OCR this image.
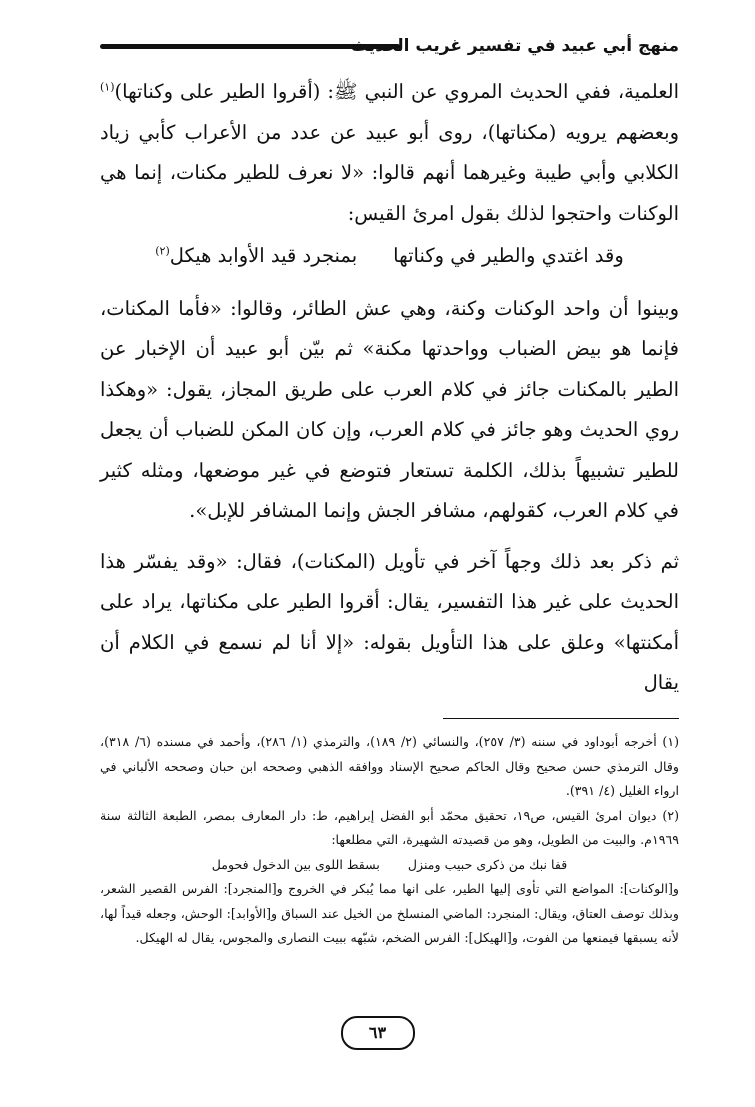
منهج أبي عبيد في تفسير غريب الحديث

العلمية، ففي الحديث المروي عن النبي ﷺ: (أقروا الطير على وكناتها)$^{(١)}$ وبعضهم يرويه (مكناتها)، روى أبو عبيد عن عدد من الأعراب كأبي زياد الكلابي وأبي طيبة وغيرهما أنهم قالوا: «لا نعرف للطير مكنات، إنما هي الوكنات واحتجوا لذلك بقول امرئ القيس:

وقد اغتدي والطير في وكناتهابمنجرد قيد الأوابد هيكل$^{(٢)}$

وبينوا أن واحد الوكنات وكنة، وهي عش الطائر، وقالوا: «فأما المكنات، فإنما هو بيض الضباب وواحدتها مكنة» ثم بيّن أبو عبيد أن الإخبار عن الطير بالمكنات جائز في كلام العرب على طريق المجاز، يقول: «وهكذا روي الحديث وهو جائز في كلام العرب، وإن كان المكن للضباب أن يجعل للطير تشبيهاً بذلك، الكلمة تستعار فتوضع في غير موضعها، ومثله كثير في كلام العرب، كقولهم، مشافر الجش وإنما المشافر للإبل».

ثم ذكر بعد ذلك وجهاً آخر في تأويل (المكنات)، فقال: «وقد يفسّر هذا الحديث على غير هذا التفسير، يقال: أقروا الطير على مكناتها، يراد على أمكنتها» وعلق على هذا التأويل بقوله: «إلا أنا لم نسمع في الكلام أن يقال

(١) أخرجه أبوداود في سننه (٣/ ٢٥٧)، والنسائي (٢/ ١٨٩)، والترمذي (١/ ٢٨٦)، وأحمد في مسنده (٦/ ٣١٨)، وقال الترمذي حسن صحيح وقال الحاكم صحيح الإسناد ووافقه الذهبي وصححه ابن حبان وصححه الألباني في ارواء الغليل (٤/ ٣٩١).

(٢) ديوان امرئ القيس، ص١٩، تحقيق محمّد أبو الفضل إبراهيم، ط: دار المعارف بمصر، الطبعة الثالثة سنة ١٩٦٩م. والبيت من الطويل، وهو من قصيدته الشهيرة، التي مطلعها:

قفا نبك من ذكرى حبيب ومنزلبسقط اللوى بين الدخول فحومل

و[الوكنات]: المواضع التي تأوى إليها الطير، على انها مما يُبكر في الخروج و[المنجرد]: الفرس القصير الشعر، وبذلك توصف العتاق، ويقال: المنجرد: الماضي المنسلخ من الخيل عند السباق و[الأوابد]: الوحش، وجعله قيداً لها، لأنه يسبقها فيمنعها من الفوت، و[الهيكل]: الفرس الضخم، شبّهه ببيت النصارى والمجوس، يقال له الهيكل.

٦٣
